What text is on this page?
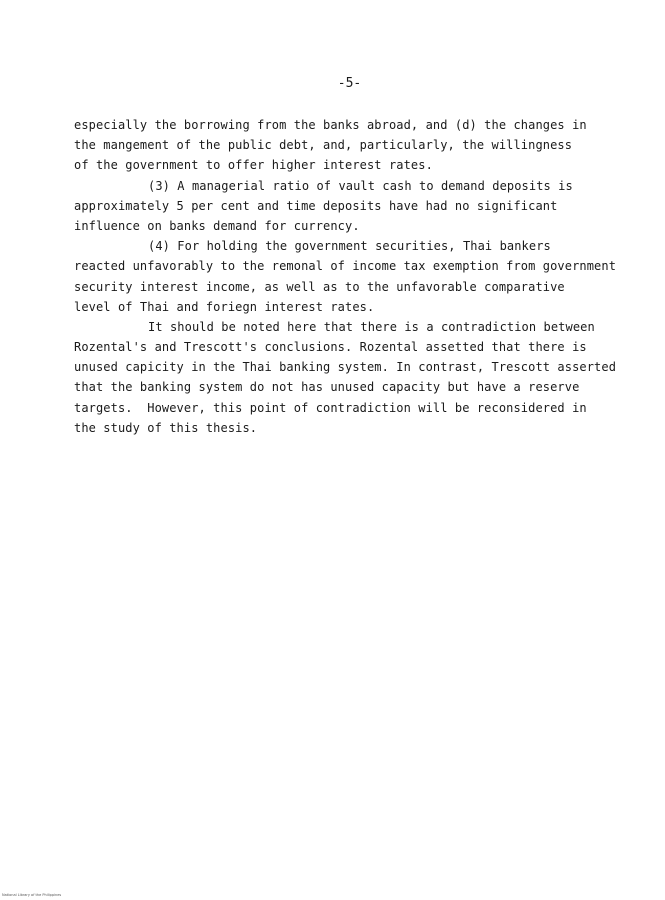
-5-
especially the borrowing from the banks abroad, and (d) the changes in
the mangement of the public debt, and, particularly, the willingness
of the government to offer higher interest rates.
(3) A managerial ratio of vault cash to demand deposits is
approximately 5 per cent and time deposits have had no significant
influence on banks demand for currency.
(4) For holding the government securities, Thai bankers
reacted unfavorably to the remonal of income tax exemption from government
security interest income, as well as to the unfavorable comparative
level of Thai and foriegn interest rates.
It should be noted here that there is a contradiction between
Rozental's and Trescott's conclusions. Rozental assetted that there is
unused capicity in the Thai banking system. In contrast, Trescott asserted
that the banking system do not has unused capacity but have a reserve
targets.  However, this point of contradiction will be reconsidered in
the study of this thesis.
National Library of the Philippines
